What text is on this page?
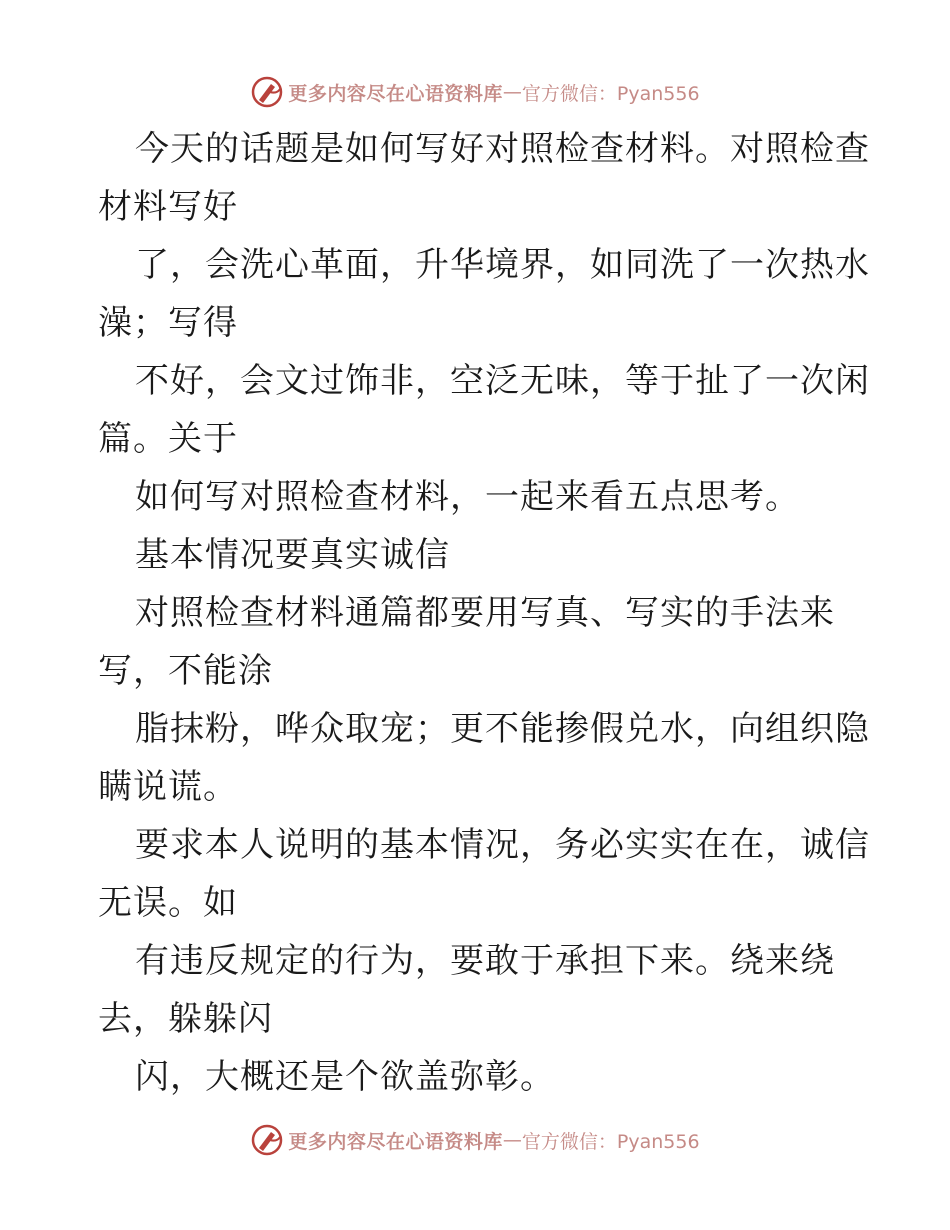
更多内容尽在心语资料库 — 官方微信：Pyan556
今天的话题是如何写好对照检查材料。对照检查
材料写好
了，会洗心革面，升华境界，如同洗了一次热水
澡；写得
不好，会文过饰非，空泛无味，等于扯了一次闲
篇。关于
如何写对照检查材料，一起来看五点思考。
基本情况要真实诚信
对照检查材料通篇都要用写真、写实的手法来
写，不能涂
脂抹粉，哗众取宠；更不能掺假兑水，向组织隐
瞒说谎。
要求本人说明的基本情况，务必实实在在，诚信
无误。如
有违反规定的行为，要敢于承担下来。绕来绕
去，躲躲闪
闪，大概还是个欲盖弥彰。
更多内容尽在心语资料库 — 官方微信：Pyan556
